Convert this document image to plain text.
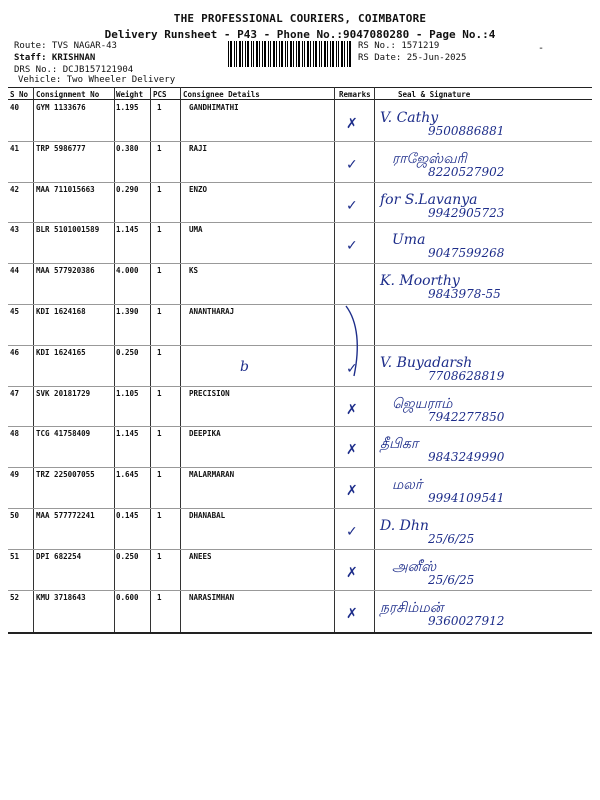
THE PROFESSIONAL COURIERS, COIMBATORE
Delivery Runsheet - P43 - Phone No.:9047080280 - Page No.:4
Route: TVS NAGAR-43
Staff: KRISHNAN
DRS No.: DCJB157121904
Vehicle: Two Wheeler Delivery
RS No.: 1571219
RS Date: 25-Jun-2025
-
S No Consignment No Weight PCS Consignee Details	Remarks	Seal & Signature
40 GYM 1133676	1.195 1	GANDHIMATHI
✗ V. Cathy
9500886881
41 TRP 5986777	0.380 1	RAJI
✓ ராஜேஸ்வரி
8220527902
42 MAA 711015663	0.290 1	ENZO
✓ for S.Lavanya
9942905723
43 BLR 5101001589 1.145 1	UMA
✓ Uma
9047599268
44 MAA 577920386	4.000 1	KS
K. Moorthy
9843978-55
45 KDI 1624168	1.390 1	ANANTHARAJ
46 KDI 1624165	0.250 1
✓ V. Buyadarsh
7708628819
47 SVK 20181729	1.105 1	PRECISION
✗ ஜெயராம்
7942277850
48 TCG 41758409	1.145 1	DEEPIKA
✗ தீபிகா
9843249990
49 TRZ 225007055	1.645 1	MALARMARAN
✗ மலர்
9994109541
50 MAA 577772241	0.145 1	DHANABAL
✓ D. Dhn
25/6/25
51 DPI 682254	0.250 1	ANEES
✗ அனீஸ்
25/6/25
52 KMU 3718643	0.600 1	NARASIMHAN
✗ நரசிம்மன்
9360027912
b
